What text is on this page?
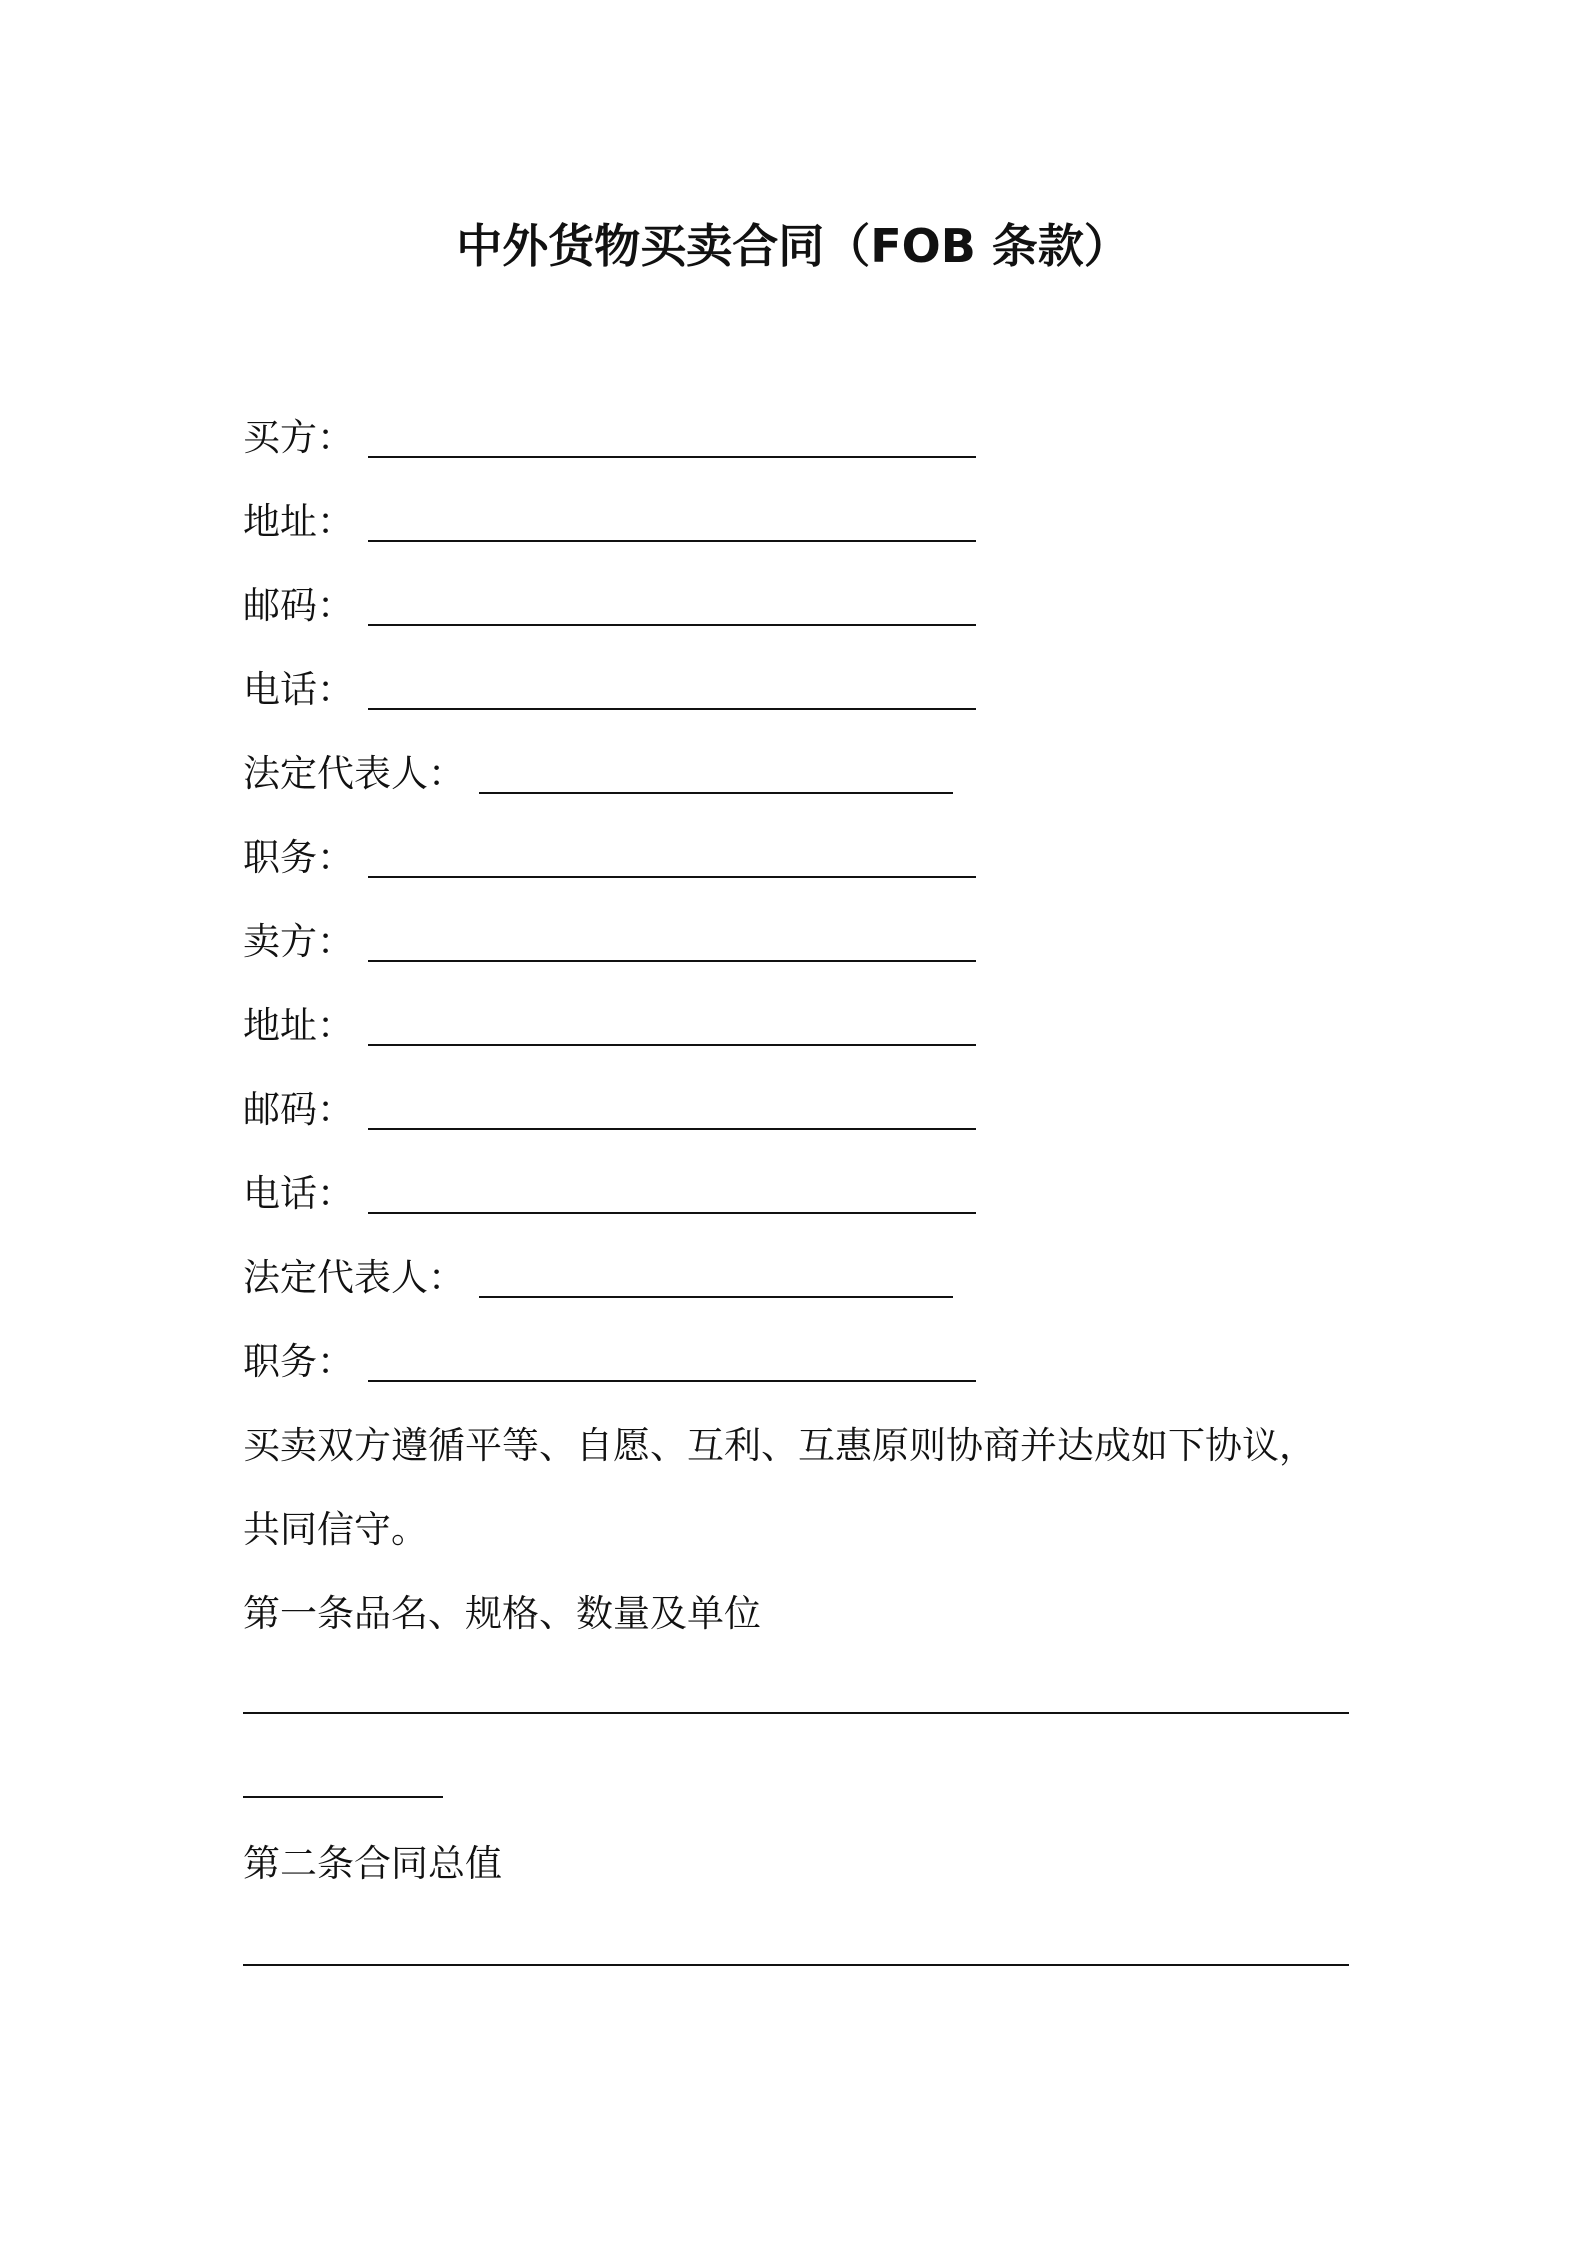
中外货物买卖合同（FOB 条款）
买方：
地址：
邮码：
电话：
法定代表人：
职务：
卖方：
地址：
邮码：
电话：
法定代表人：
职务：
买卖双方遵循平等、自愿、互利、互惠原则协商并达成如下协议，
共同信守。
第一条品名、规格、数量及单位
第二条合同总值
